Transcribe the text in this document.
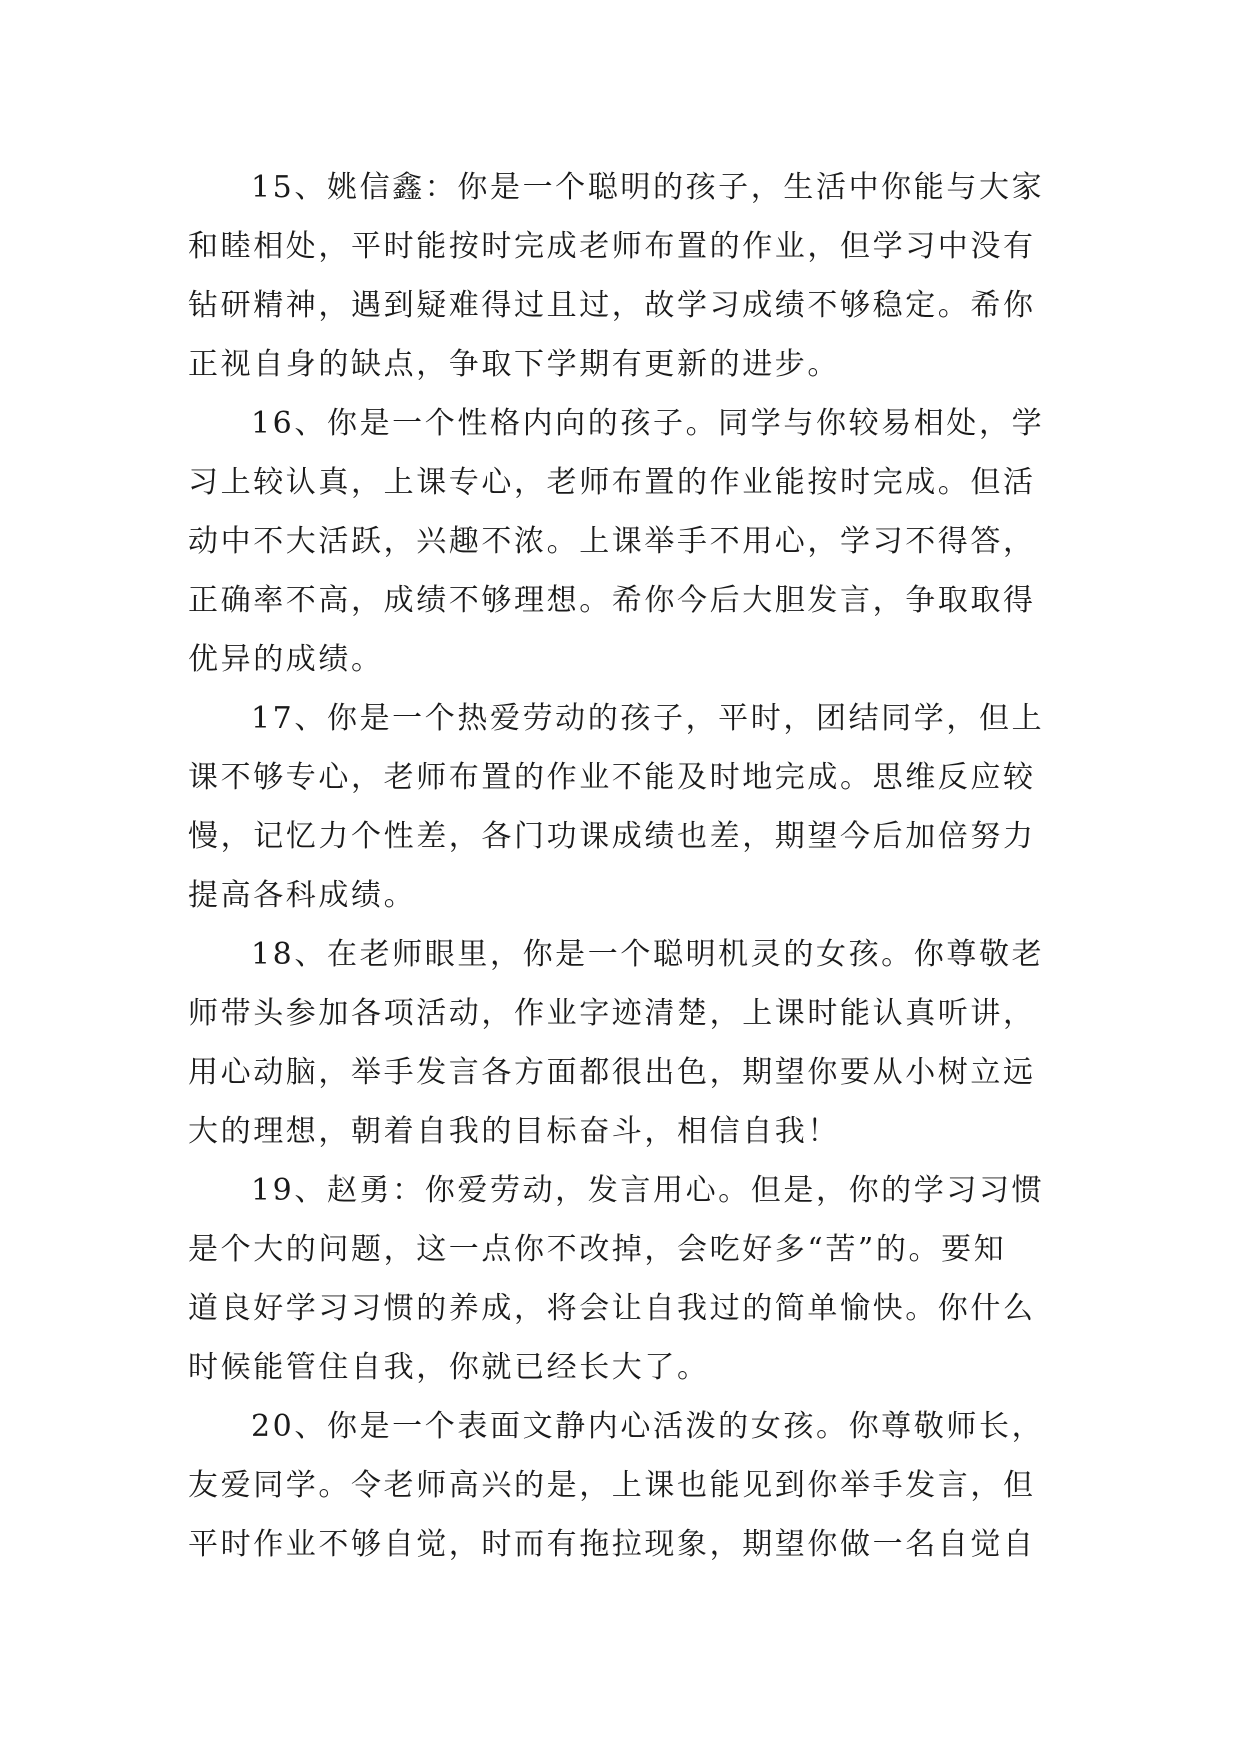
15、姚信鑫：你是一个聪明的孩子，生活中你能与大家
和睦相处，平时能按时完成老师布置的作业，但学习中没有
钻研精神，遇到疑难得过且过，故学习成绩不够稳定。希你
正视自身的缺点，争取下学期有更新的进步。
16、你是一个性格内向的孩子。同学与你较易相处，学
习上较认真，上课专心，老师布置的作业能按时完成。但活
动中不大活跃，兴趣不浓。上课举手不用心，学习不得答，
正确率不高，成绩不够理想。希你今后大胆发言，争取取得
优异的成绩。
17、你是一个热爱劳动的孩子，平时，团结同学，但上
课不够专心，老师布置的作业不能及时地完成。思维反应较
慢，记忆力个性差，各门功课成绩也差，期望今后加倍努力
提高各科成绩。
18、在老师眼里，你是一个聪明机灵的女孩。你尊敬老
师带头参加各项活动，作业字迹清楚，上课时能认真听讲，
用心动脑，举手发言各方面都很出色，期望你要从小树立远
大的理想，朝着自我的目标奋斗，相信自我！
19、赵勇：你爱劳动，发言用心。但是，你的学习习惯
是个大的问题，这一点你不改掉，会吃好多“苦”的。要知
道良好学习习惯的养成，将会让自我过的简单愉快。你什么
时候能管住自我，你就已经长大了。
20、你是一个表面文静内心活泼的女孩。你尊敬师长，
友爱同学。令老师高兴的是，上课也能见到你举手发言，但
平时作业不够自觉，时而有拖拉现象，期望你做一名自觉自
